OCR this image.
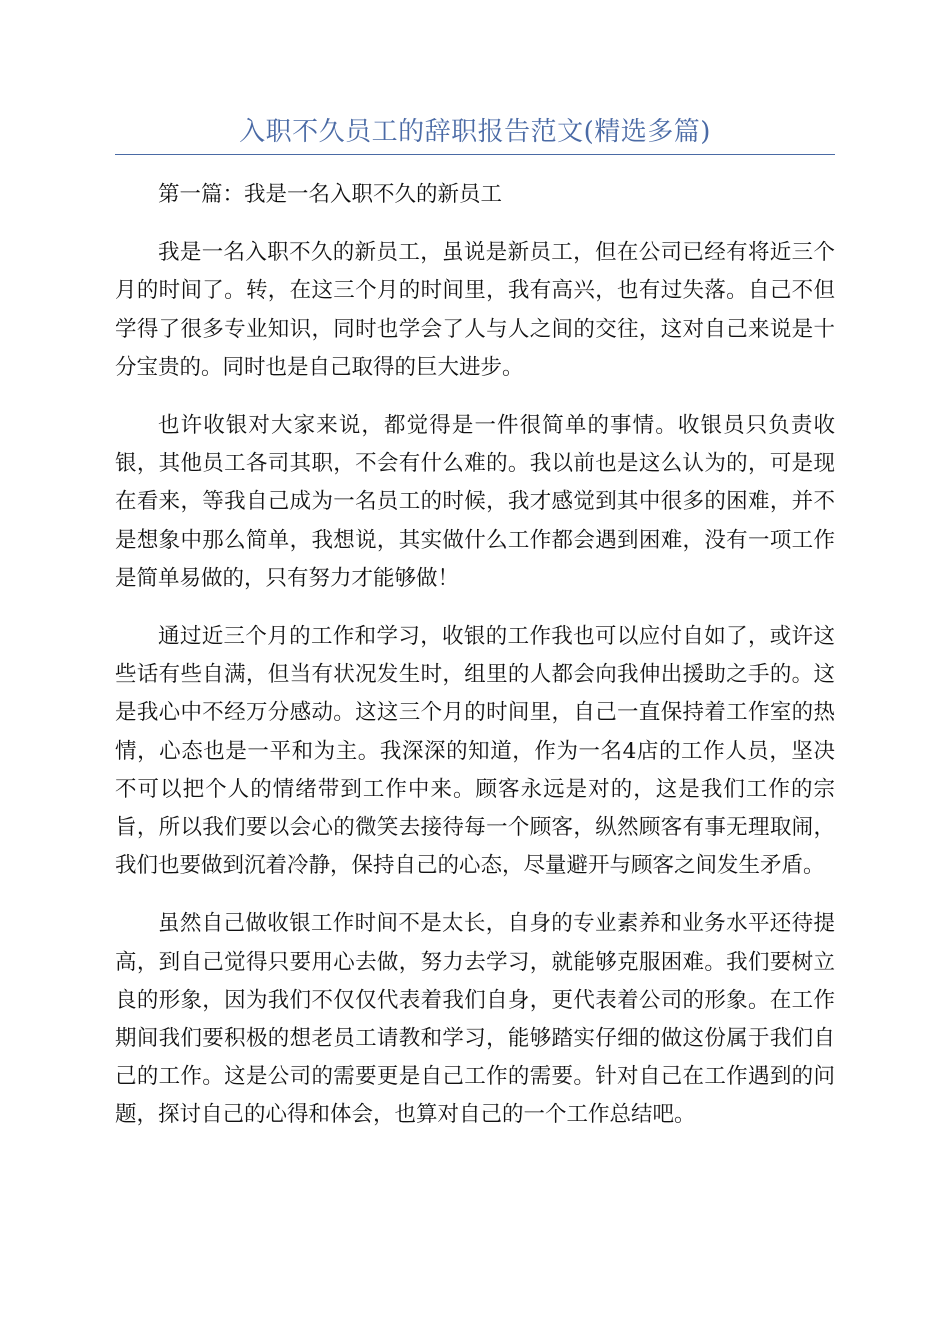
入职不久员工的辞职报告范文(精选多篇)

第一篇：我是一名入职不久的新员工

我是一名入职不久的新员工，虽说是新员工，但在公司已经有将近三个月的时间了。转，在这三个月的时间里，我有高兴，也有过失落。自己不但学得了很多专业知识，同时也学会了人与人之间的交往，这对自己来说是十分宝贵的。同时也是自己取得的巨大进步。

也许收银对大家来说，都觉得是一件很简单的事情。收银员只负责收银，其他员工各司其职，不会有什么难的。我以前也是这么认为的，可是现在看来，等我自己成为一名员工的时候，我才感觉到其中很多的困难，并不是想象中那么简单，我想说，其实做什么工作都会遇到困难，没有一项工作是简单易做的，只有努力才能够做！

通过近三个月的工作和学习，收银的工作我也可以应付自如了，或许这些话有些自满，但当有状况发生时，组里的人都会向我伸出援助之手的。这是我心中不经万分感动。这这三个月的时间里，自己一直保持着工作室的热情，心态也是一平和为主。我深深的知道，作为一名4店的工作人员，坚决不可以把个人的情绪带到工作中来。顾客永远是对的，这是我们工作的宗旨，所以我们要以会心的微笑去接待每一个顾客，纵然顾客有事无理取闹，我们也要做到沉着冷静，保持自己的心态，尽量避开与顾客之间发生矛盾。

虽然自己做收银工作时间不是太长，自身的专业素养和业务水平还待提高，到自己觉得只要用心去做，努力去学习，就能够克服困难。我们要树立良的形象，因为我们不仅仅代表着我们自身，更代表着公司的形象。在工作期间我们要积极的想老员工请教和学习，能够踏实仔细的做这份属于我们自己的工作。这是公司的需要更是自己工作的需要。针对自己在工作遇到的问题，探讨自己的心得和体会，也算对自己的一个工作总结吧。
